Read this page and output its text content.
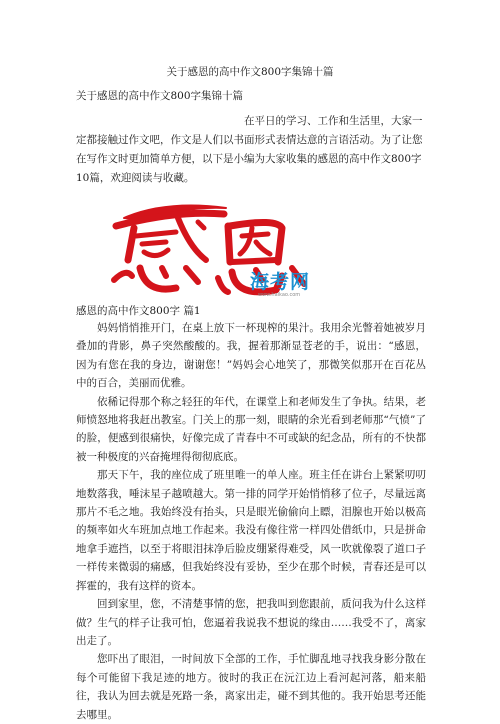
关于感恩的高中作文800字集锦十篇
关于感恩的高中作文800字集锦十篇

在平日的学习、工作和生活里，大家一定都接触过作文吧，作文是人们以书面形式表情达意的言语活动。为了让您在写作文时更加简单方便，以下是小编为大家收集的感恩的高中作文800字10篇，欢迎阅读与收藏。

海考网
www.haikao.com
感恩的高中作文800字 篇1

妈妈悄悄推开门，在桌上放下一杯现榨的果汁。我用余光瞥着她被岁月叠加的背影，鼻子突然酸酸的。我，握着那渐显苍老的手，说出：“感恩，因为有您在我的身边，谢谢您！”妈妈会心地笑了，那微笑似那开在百花丛中的百合，美丽而优雅。

依稀记得那个称之轻狂的年代，在课堂上和老师发生了争执。结果，老师愤怒地将我赶出教室。门关上的那一刻，眼睛的余光看到老师那“气愤”了的脸，便感到很痛快，好像完成了青春中不可或缺的纪念品，所有的不快都被一种极度的兴奋掩埋得彻彻底底。

那天下午，我的座位成了班里唯一的单人座。班主任在讲台上紧紧叨叨地数落我，唾沫星子越喷越大。第一排的同学开始悄悄移了位子，尽量远离那片不毛之地。我始终没有抬头，只是眼光偷偷向上瞟，泪腺也开始以极高的频率如火车班加点地工作起来。我没有像往常一样四处借纸巾，只是拼命地拿手遮挡，以至于将眼泪抹净后脸皮绷紧得难受，风一吹就像裂了道口子一样传来微弱的痛感，但我始终没有妥协，至少在那个时候，青春还是可以挥霍的，我有这样的资本。

回到家里，您，不清楚事情的您，把我叫到您跟前，质问我为什么这样做？生气的样子让我可怕，您逼着我说我不想说的缘由……我受不了，离家出走了。

您吓出了眼泪，一时间放下全部的工作，手忙脚乱地寻找我身影分散在每个可能留下我足迹的地方。彼时的我正在沅江边上看河起河落，船来船往，我认为回去就是死路一条，离家出走，碰不到其他的。我开始思考还能去哪里。
